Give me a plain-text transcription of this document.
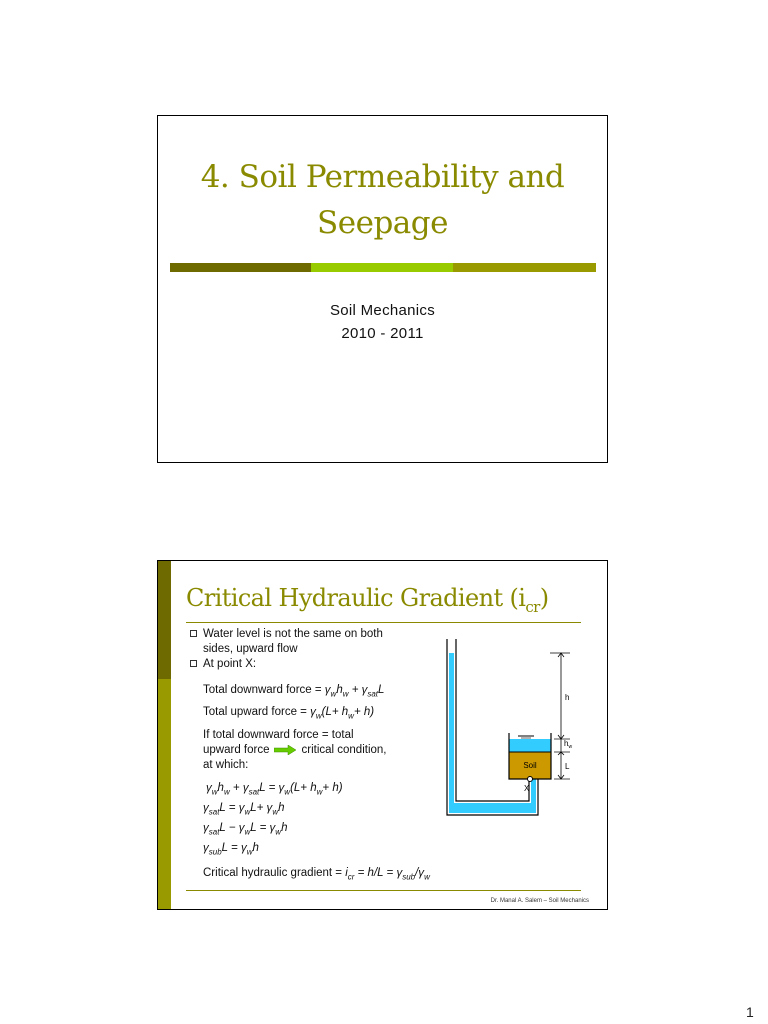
4. Soil Permeability and
Seepage
Soil Mechanics
2010 - 2011
Critical Hydraulic Gradient $(i_{cr})$
Water level is not the same on both
sides, upward flow
At point X:
Total downward force = $\gamma_wh_w + \gamma_{sat}L$
Total upward force = $\gamma_w(L+ h_w+ h)$
If total downward force = total
upward force	critical condition,
at which:
$\gamma_wh_w + \gamma_{sat}L = \gamma_w(L+ h_w+ h)$
$\gamma_{sat}L = \gamma_wL+ \gamma_wh$
$\gamma_{sat}L - \gamma_wL = \gamma_wh$
$\gamma_{sub}L = \gamma_wh$
Critical hydraulic gradient = $i_{cr} = h/L = \gamma_{sub}/\gamma_w$
Dr. Manal A. Salem – Soil Mechanics
X
Soil
h
$h_w$
L
1
